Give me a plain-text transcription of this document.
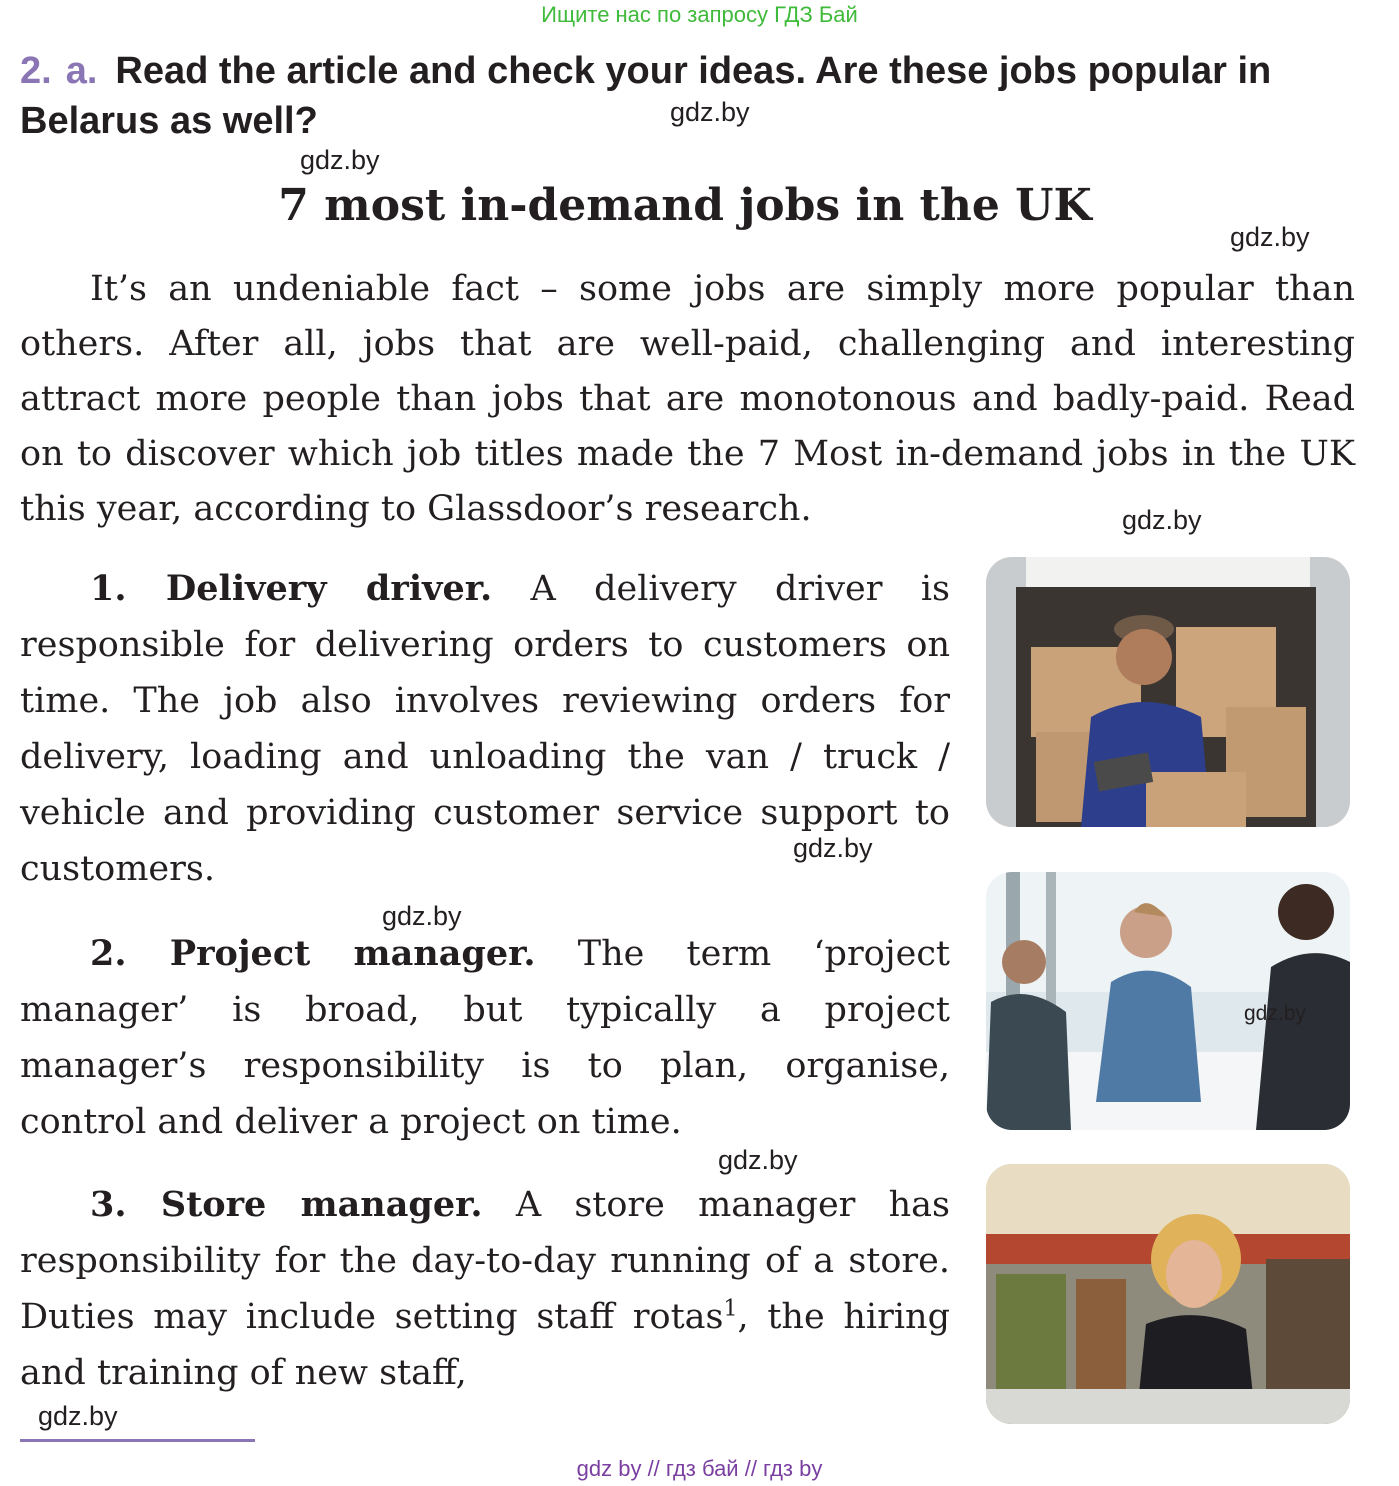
Ищите нас по запросу ГДЗ Бай
2. a. Read the article and check your ideas. Are these jobs popular in Belarus as well?	gdz.by
gdz.by
7 most in-demand jobs in the UK
gdz.by

It’s an undeniable fact – some jobs are simply more popular than others. After all, jobs that are well-paid, challenging and interesting attract more people than jobs that are monotonous and badly-paid. Read on to discover which job titles made the 7 Most in-demand jobs in the UK this year, according to Glassdoor’s research.	gdz.by

1. Delivery driver. A delivery driver is responsible for delivering orders to customers on time. The job also involves reviewing orders for delivery, loading and unloading the van / truck / vehicle and providing customer service support to customers.

gdz.by
gdz.by

2. Project manager. The term ‘project manager’ is broad, but typically a project manager’s responsibility is to plan, organise, control and deliver a project on time.

gdz.by
gdz.by

3. Store manager. A store manager has responsibility for the day-to-day running of a store. Duties may include setting staff rotas$^1$, the hiring and training of new staff,

gdz.by
gdz by // гдз бай // гдз by
